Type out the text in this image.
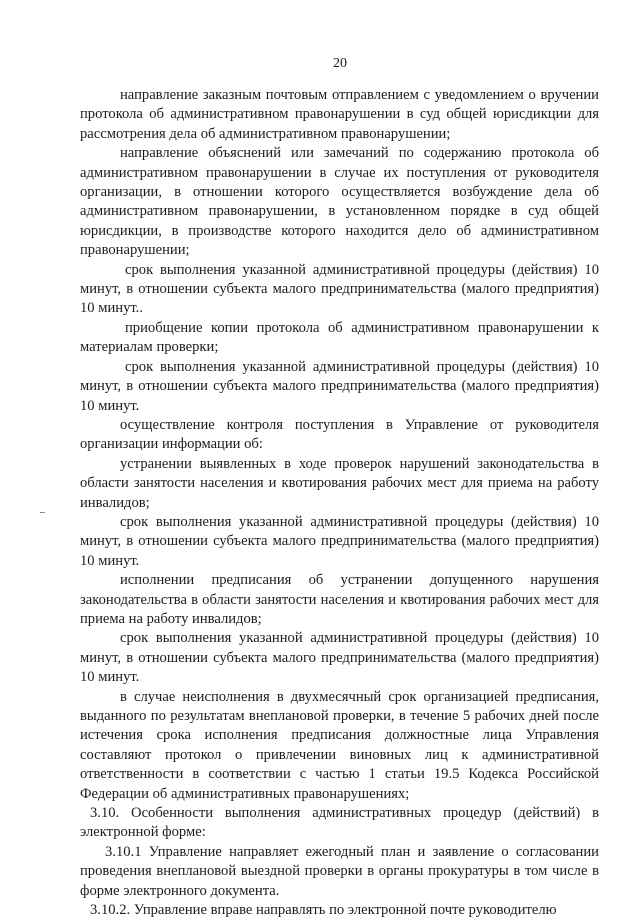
20

направление заказным почтовым отправлением с уведомлением о вручении протокола об административном правонарушении в суд общей юрисдикции для рассмотрения дела об административном правонарушении;

направление объяснений или замечаний по содержанию протокола об административном правонарушении в случае их поступления от руководителя организации, в отношении которого осуществляется возбуждение дела об административном правонарушении, в установленном порядке в суд общей юрисдикции, в производстве которого находится дело об административном правонарушении;

срок выполнения указанной административной процедуры (действия) 10 минут, в отношении субъекта малого предпринимательства (малого предприятия) 10 минут..

приобщение копии протокола об административном правонарушении к материалам проверки;

срок выполнения указанной административной процедуры (действия) 10 минут, в отношении субъекта малого предпринимательства (малого предприятия) 10 минут.

осуществление контроля поступления в Управление от руководителя организации информации об:

устранении выявленных в ходе проверок нарушений законодательства в области занятости населения и квотирования рабочих мест для приема на работу инвалидов;

срок выполнения указанной административной процедуры (действия) 10 минут, в отношении субъекта малого предпринимательства (малого предприятия) 10 минут.

исполнении предписания об устранении допущенного нарушения законодательства в области занятости населения и квотирования рабочих мест для приема на работу инвалидов;

срок выполнения указанной административной процедуры (действия) 10 минут, в отношении субъекта малого предпринимательства (малого предприятия) 10 минут.

в случае неисполнения в двухмесячный срок организацией предписания, выданного по результатам внеплановой проверки, в течение 5 рабочих дней после истечения срока исполнения предписания должностные лица Управления составляют протокол о привлечении виновных лиц к административной ответственности в соответствии с частью 1 статьи 19.5 Кодекса Российской Федерации об административных правонарушениях;

3.10. Особенности выполнения административных процедур (действий) в электронной форме:

3.10.1 Управление направляет ежегодный план и заявление о согласовании проведения внеплановой выездной проверки в органы прокуратуры в том числе в форме электронного документа.

3.10.2. Управление вправе направлять по электронной почте руководителю
